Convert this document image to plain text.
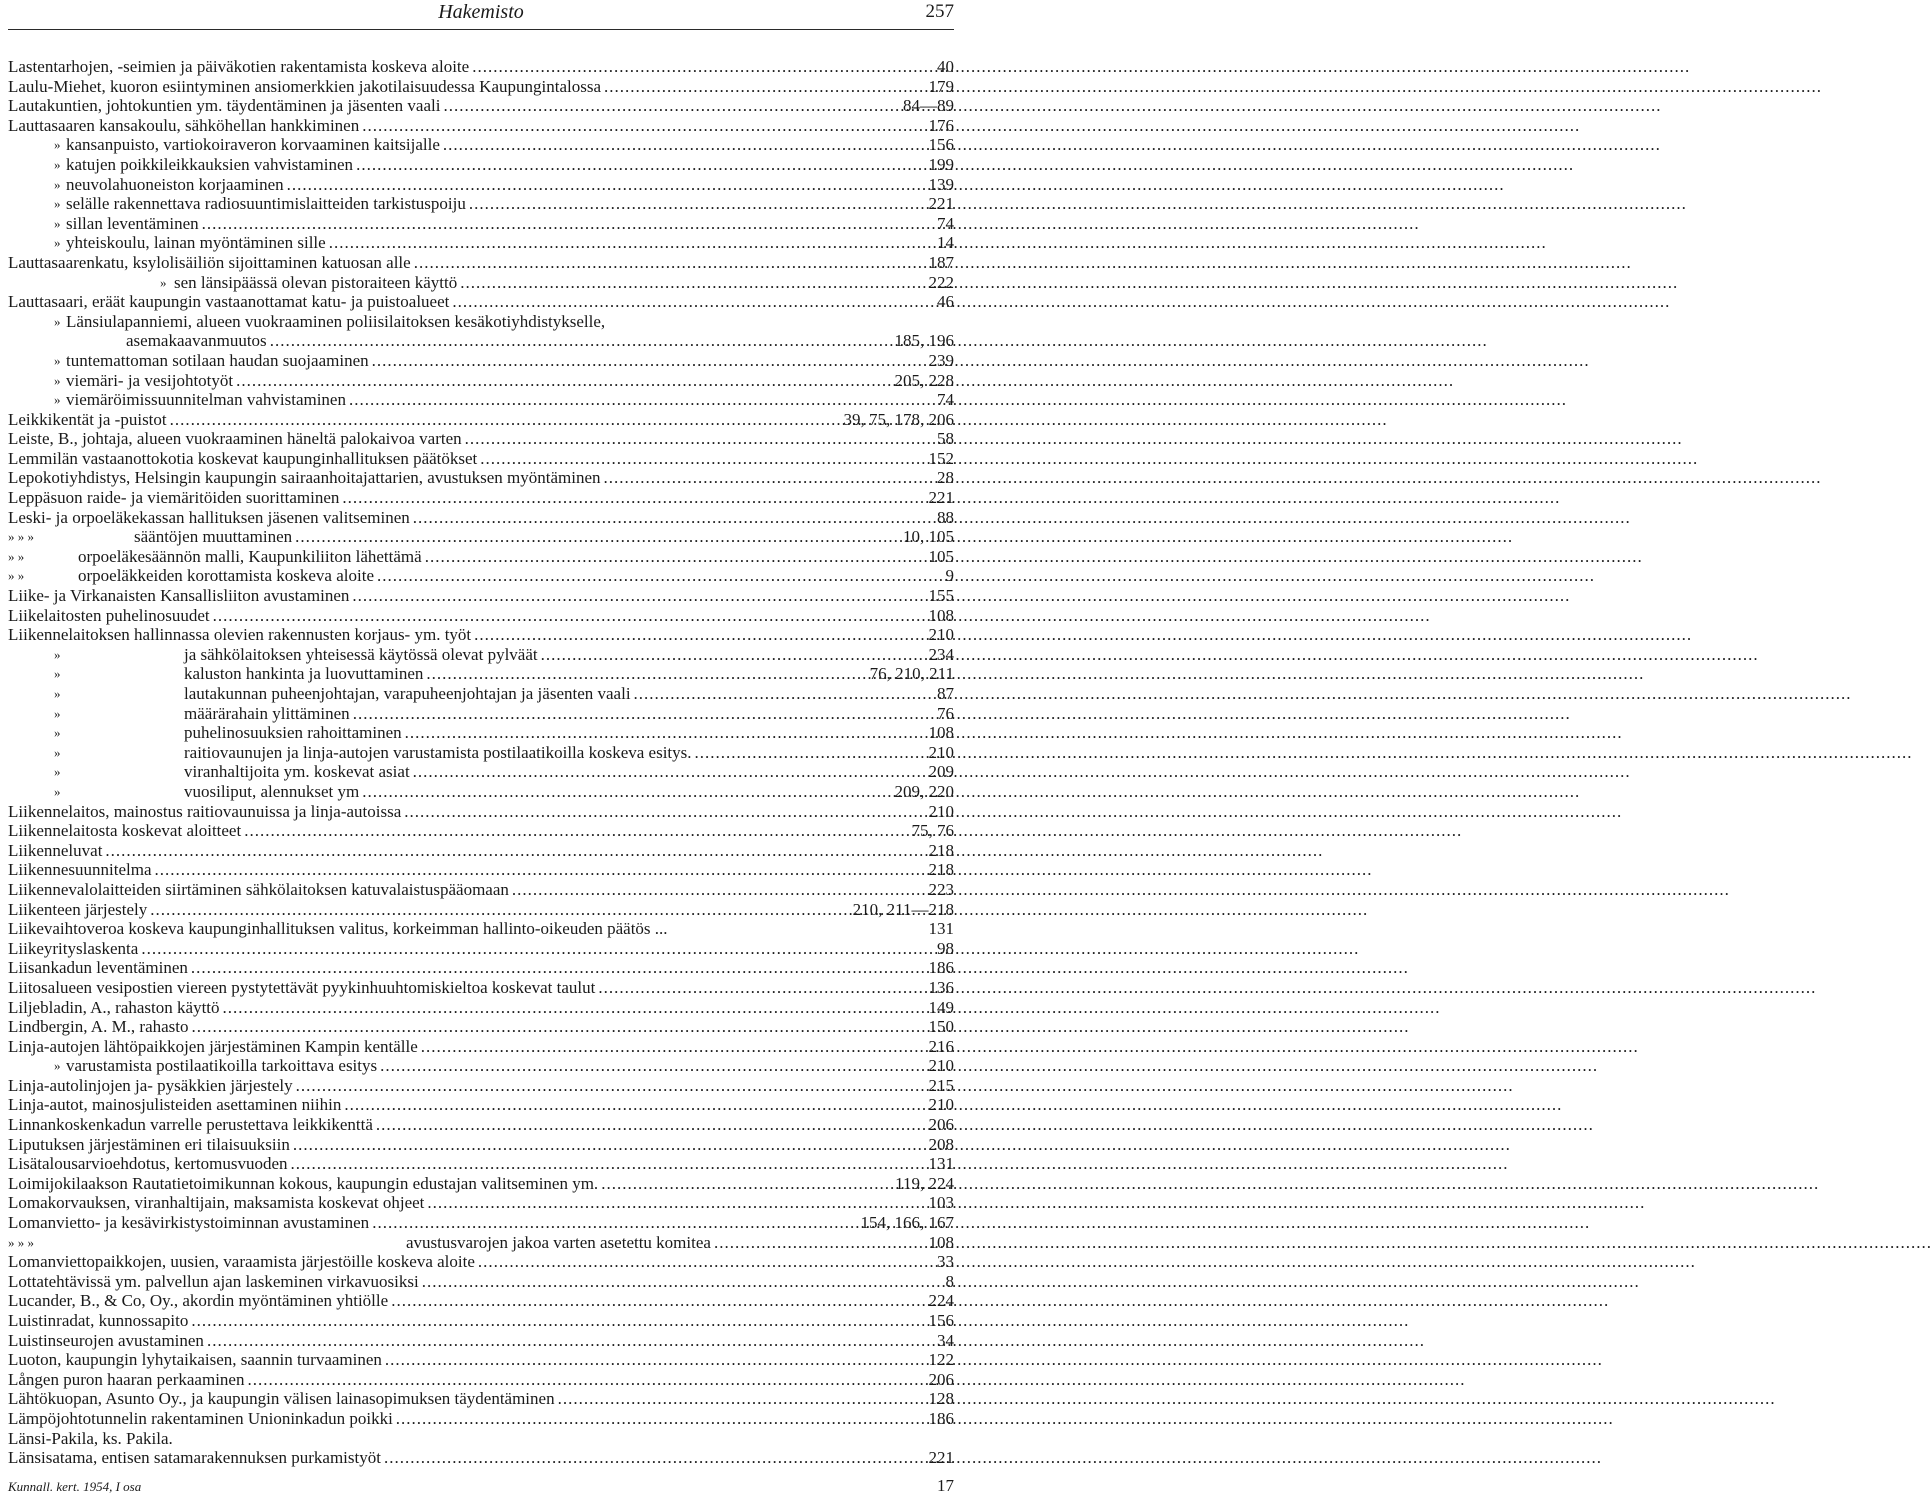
Hakemisto	257
Lastentarhojen, -seimien ja päiväkotien rakentamista koskeva aloite .....	40
Laulu-Miehet, kuoron esiintyminen ansiomerkkien jakotilaisuudessa Kaupungintalossa .....	179
Lautakuntien, johtokuntien ym. täydentäminen ja jäsenten vaali .....	84—89
Lauttasaaren kansakoulu, sähköhellan hankkiminen .....	176
» kansanpuisto, vartiokoiraveron korvaaminen kaitsijalle .....	156
» katujen poikkileikkauksien vahvistaminen .....	199
» neuvolahuoneiston korjaaminen .....	139
» selälle rakennettava radiosuuntimislaitteiden tarkistuspoiju .....	221
» sillan leventäminen .....	74
» yhteiskoulu, lainan myöntäminen sille .....	14
Lauttasaarenkatu, ksylolisäiliön sijoittaminen katuosan alle .....	187
» sen länsipäässä olevan pistoraiteen käyttö .....	222
Lauttasaari, eräät kaupungin vastaanottamat katu- ja puistoalueet .....	46
» Länsiulapanniemi, alueen vuokraaminen poliisilaitoksen kesäkotiyhdistykselle,
asemakaavanmuutos .....	185, 196
» tuntemattoman sotilaan haudan suojaaminen .....	239
» viemäri- ja vesijohtotyöt .....	205, 228
» viemäröimissuunnitelman vahvistaminen .....	74
Leikkikentät ja -puistot .....	39, 75, 178, 206
Leiste, B., johtaja, alueen vuokraaminen häneltä palokaivoa varten .....	58
Lemmilän vastaanottokotia koskevat kaupunginhallituksen päätökset .....	152
Lepokotiyhdistys, Helsingin kaupungin sairaanhoitajattarien, avustuksen myöntäminen .....	28
Leppäsuon raide- ja viemäritöiden suorittaminen .....	221
Leski- ja orpoeläkekassan hallituksen jäsenen valitseminen .....	88
» » »	sääntöjen muuttaminen .....	10, 105
» »	orpoeläkesäännön malli, Kaupunkiliiton lähettämä .....	105
» »	orpoeläkkeiden korottamista koskeva aloite .....	9
Liike- ja Virkanaisten Kansallisliiton avustaminen .....	155
Liikelaitosten puhelinosuudet .....	108
Liikennelaitoksen hallinnassa olevien rakennusten korjaus- ym. työt .....	210
»	ja sähkölaitoksen yhteisessä käytössä olevat pylväät .....	234
»	kaluston hankinta ja luovuttaminen .....	76, 210, 211
»	lautakunnan puheenjohtajan, varapuheenjohtajan ja jäsenten vaali .....	87
»	määrärahain ylittäminen .....	76
»	puhelinosuuksien rahoittaminen .....	108
»	raitiovaunujen ja linja-autojen varustamista postilaatikoilla koskeva esitys. .....	210
»	viranhaltijoita ym. koskevat asiat .....	209
»	vuosiliput, alennukset ym .....	209, 220
Liikennelaitos, mainostus raitiovaunuissa ja linja-autoissa .....	210
Liikennelaitosta koskevat aloitteet .....	75, 76
Liikenneluvat .....	218
Liikennesuunnitelma .....	218
Liikennevalolaitteiden siirtäminen sähkölaitoksen katuvalaistuspääomaan .....	223
Liikenteen järjestely .....	210, 211—218
Liikevaihtoveroa koskeva kaupunginhallituksen valitus, korkeimman hallinto-oikeuden päätös ...	131
Liikeyrityslaskenta .....	98
Liisankadun leventäminen .....	186
Liitosalueen vesipostien viereen pystytettävät pyykinhuuhtomiskieltoa koskevat taulut .....	136
Liljebladin, A., rahaston käyttö .....	149
Lindbergin, A. M., rahasto .....	150
Linja-autojen lähtöpaikkojen järjestäminen Kampin kentälle .....	216
» varustamista postilaatikoilla tarkoittava esitys .....	210
Linja-autolinjojen ja- pysäkkien järjestely .....	215
Linja-autot, mainosjulisteiden asettaminen niihin .....	210
Linnankoskenkadun varrelle perustettava leikkikenttä .....	206
Liputuksen järjestäminen eri tilaisuuksiin .....	208
Lisätalousarvioehdotus, kertomusvuoden .....	131
Loimijokilaakson Rautatietoimikunnan kokous, kaupungin edustajan valitseminen ym. .....	119, 224
Lomakorvauksen, viranhaltijain, maksamista koskevat ohjeet .....	103
Lomanvietto- ja kesävirkistystoiminnan avustaminen .....	154, 166, 167
» » »	avustusvarojen jakoa varten asetettu komitea .....	108
Lomanviettopaikkojen, uusien, varaamista järjestöille koskeva aloite .....	33
Lottatehtävissä ym. palvellun ajan laskeminen virkavuosiksi .....	8
Lucander, B., & Co, Oy., akordin myöntäminen yhtiölle .....	224
Luistinradat, kunnossapito .....	156
Luistinseurojen avustaminen .....	34
Luoton, kaupungin lyhytaikaisen, saannin turvaaminen .....	122
Lången puron haaran perkaaminen .....	206
Lähtökuopan, Asunto Oy., ja kaupungin välisen lainasopimuksen täydentäminen .....	128
Lämpöjohtotunnelin rakentaminen Unioninkadun poikki .....	186
Länsi-Pakila, ks. Pakila.
Länsisatama, entisen satamarakennuksen purkamistyöt .....	221
Kunnall. kert. 1954, I osa	17
